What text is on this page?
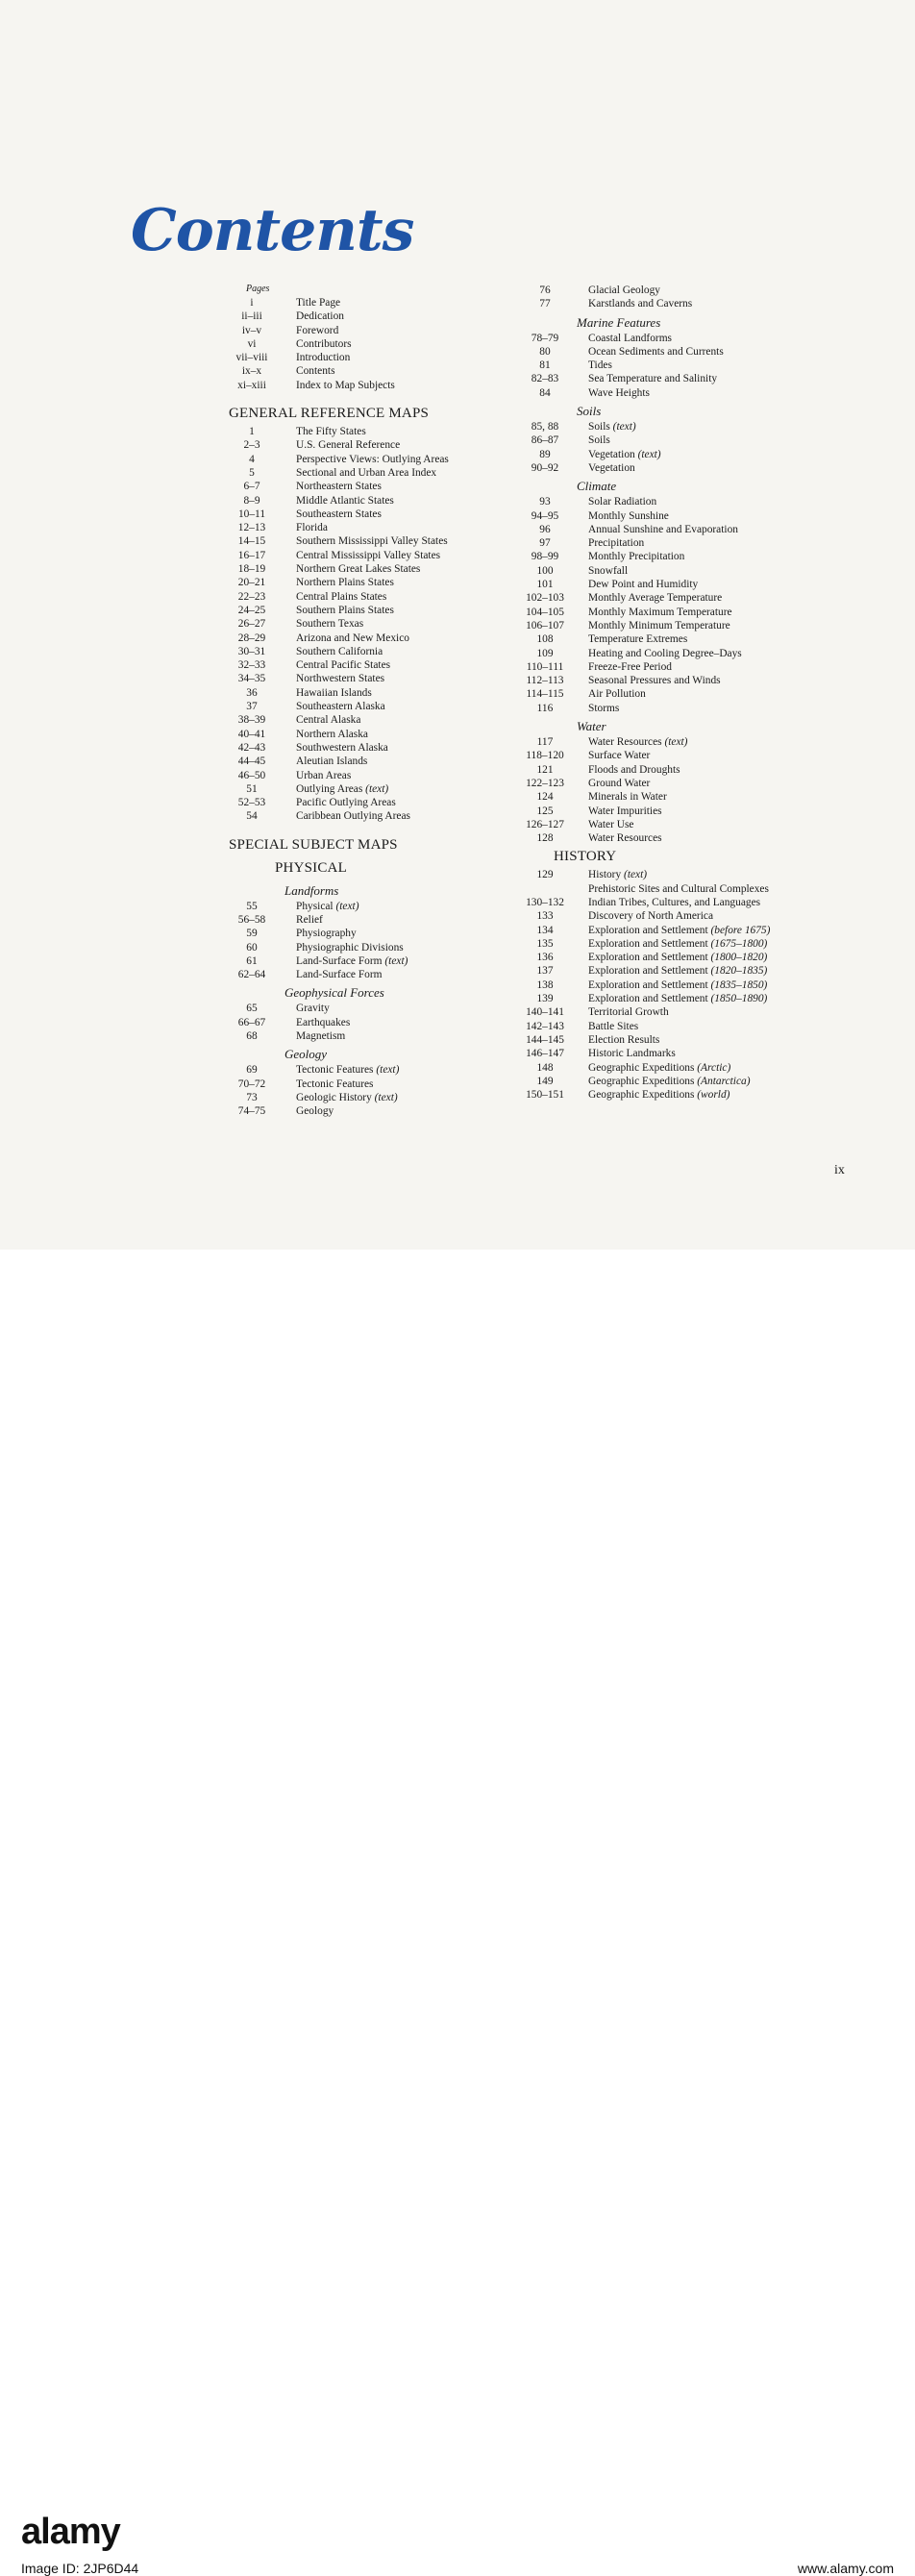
Contents
Pages
i	Title Page
ii–iii	Dedication
iv–v	Foreword
vi	Contributors
vii–viii	Introduction
ix–x	Contents
xi–xiii	Index to Map Subjects
GENERAL REFERENCE MAPS
1	The Fifty States
2–3	U.S. General Reference
4	Perspective Views: Outlying Areas
5	Sectional and Urban Area Index
6–7	Northeastern States
8–9	Middle Atlantic States
10–11	Southeastern States
12–13	Florida
14–15	Southern Mississippi Valley States
16–17	Central Mississippi Valley States
18–19	Northern Great Lakes States
20–21	Northern Plains States
22–23	Central Plains States
24–25	Southern Plains States
26–27	Southern Texas
28–29	Arizona and New Mexico
30–31	Southern California
32–33	Central Pacific States
34–35	Northwestern States
36	Hawaiian Islands
37	Southeastern Alaska
38–39	Central Alaska
40–41	Northern Alaska
42–43	Southwestern Alaska
44–45	Aleutian Islands
46–50	Urban Areas
51	Outlying Areas (text)
52–53	Pacific Outlying Areas
54	Caribbean Outlying Areas
SPECIAL SUBJECT MAPS
PHYSICAL
Landforms
55	Physical (text)
56–58	Relief
59	Physiography
60	Physiographic Divisions
61	Land-Surface Form (text)
62–64	Land-Surface Form
Geophysical Forces
65	Gravity
66–67	Earthquakes
68	Magnetism
Geology
69	Tectonic Features (text)
70–72	Tectonic Features
73	Geologic History (text)
74–75	Geology
76	Glacial Geology
77	Karstlands and Caverns
Marine Features
78–79	Coastal Landforms
80	Ocean Sediments and Currents
81	Tides
82–83	Sea Temperature and Salinity
84	Wave Heights
Soils
85, 88	Soils (text)
86–87	Soils
89	Vegetation (text)
90–92	Vegetation
Climate
93	Solar Radiation
94–95	Monthly Sunshine
96	Annual Sunshine and Evaporation
97	Precipitation
98–99	Monthly Precipitation
100	Snowfall
101	Dew Point and Humidity
102–103	Monthly Average Temperature
104–105	Monthly Maximum Temperature
106–107	Monthly Minimum Temperature
108	Temperature Extremes
109	Heating and Cooling Degree–Days
110–111	Freeze-Free Period
112–113	Seasonal Pressures and Winds
114–115	Air Pollution
116	Storms
Water
117	Water Resources (text)
118–120	Surface Water
121	Floods and Droughts
122–123	Ground Water
124	Minerals in Water
125	Water Impurities
126–127	Water Use
128	Water Resources
HISTORY
129	History (text)
Prehistoric Sites and Cultural Complexes
130–132	Indian Tribes, Cultures, and Languages
133	Discovery of North America
134	Exploration and Settlement (before 1675)
135	Exploration and Settlement (1675–1800)
136	Exploration and Settlement (1800–1820)
137	Exploration and Settlement (1820–1835)
138	Exploration and Settlement (1835–1850)
139	Exploration and Settlement (1850–1890)
140–141	Territorial Growth
142–143	Battle Sites
144–145	Election Results
146–147	Historic Landmarks
148	Geographic Expeditions (Arctic)
149	Geographic Expeditions (Antarctica)
150–151	Geographic Expeditions (world)
ix
alamy
Image ID: 2JP6D44	www.alamy.com
